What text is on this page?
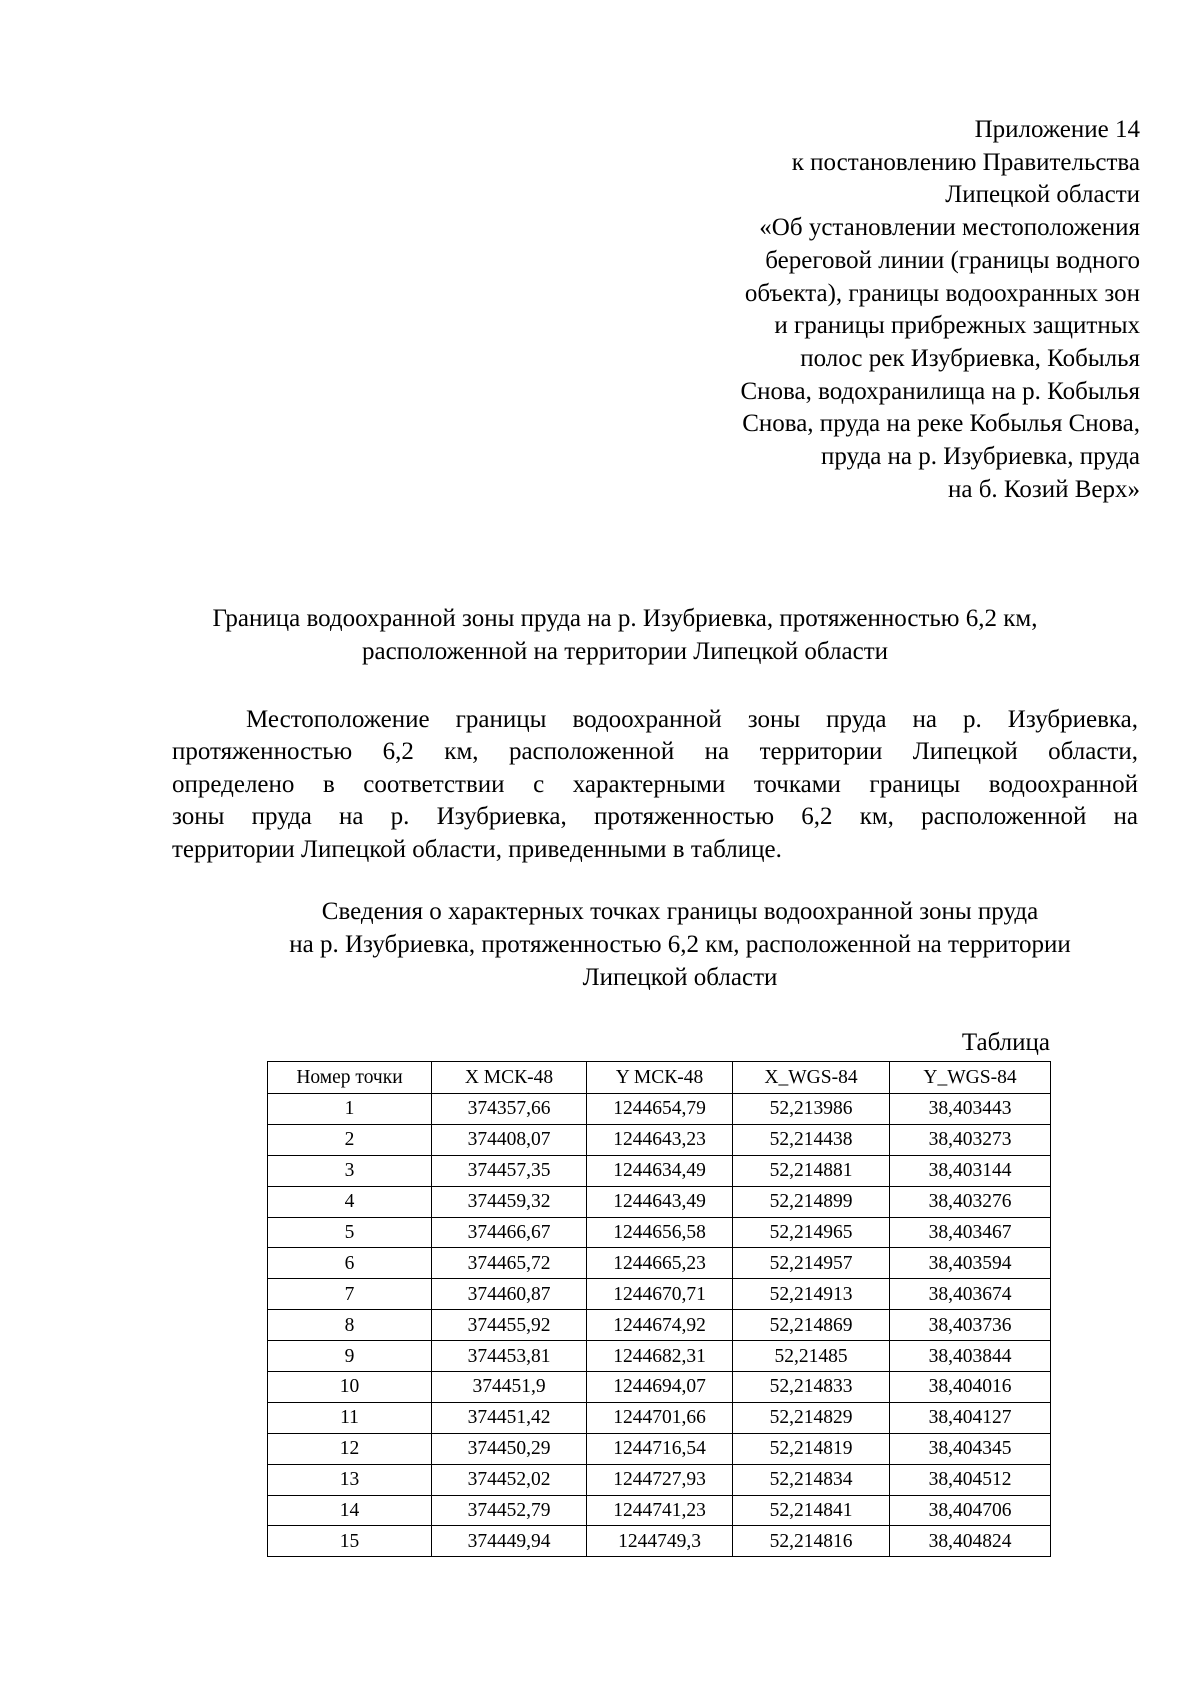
Приложение 14
к постановлению Правительства
Липецкой области
«Об установлении местоположения
береговой линии (границы водного
объекта), границы водоохранных зон
и границы прибрежных защитных
полос рек Изубриевка, Кобылья
Снова, водохранилища на р. Кобылья
Снова, пруда на реке Кобылья Снова,
пруда на р. Изубриевка, пруда
на б. Козий Верх»
Граница водоохранной зоны пруда на р. Изубриевка, протяженностью 6,2 км,
расположенной на территории Липецкой области
Местоположение границы водоохранной зоны пруда на р. Изубриевка,
протяженностью 6,2 км, расположенной на территории Липецкой области,
определено в соответствии с характерными точками границы водоохранной
зоны пруда на р. Изубриевка, протяженностью 6,2 км, расположенной на
территории Липецкой области, приведенными в таблице.
Сведения о характерных точках границы водоохранной зоны пруда
на р. Изубриевка, протяженностью 6,2 км, расположенной на территории
Липецкой области
Таблица
Номер точки	X МСК-48	Y МСК-48	X_WGS-84	Y_WGS-84
1	374357,66	1244654,79	52,213986	38,403443
2	374408,07	1244643,23	52,214438	38,403273
3	374457,35	1244634,49	52,214881	38,403144
4	374459,32	1244643,49	52,214899	38,403276
5	374466,67	1244656,58	52,214965	38,403467
6	374465,72	1244665,23	52,214957	38,403594
7	374460,87	1244670,71	52,214913	38,403674
8	374455,92	1244674,92	52,214869	38,403736
9	374453,81	1244682,31	52,21485	38,403844
10	374451,9	1244694,07	52,214833	38,404016
11	374451,42	1244701,66	52,214829	38,404127
12	374450,29	1244716,54	52,214819	38,404345
13	374452,02	1244727,93	52,214834	38,404512
14	374452,79	1244741,23	52,214841	38,404706
15	374449,94	1244749,3	52,214816	38,404824
